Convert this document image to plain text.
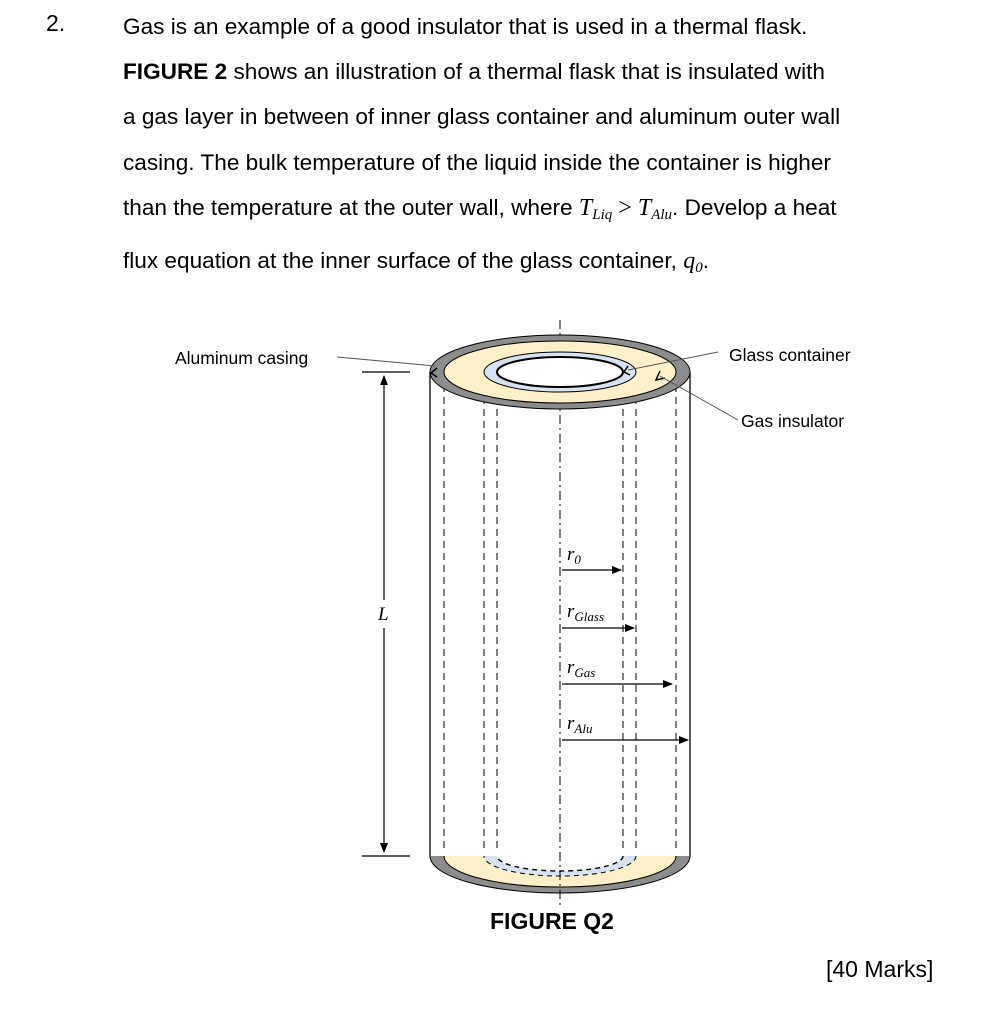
2.	Gas is an example of a good insulator that is used in a thermal flask.
FIGURE 2 shows an illustration of a thermal flask that is insulated with
a gas layer in between of inner glass container and aluminum outer wall
casing. The bulk temperature of the liquid inside the container is higher
than the temperature at the outer wall, where $T_{Liq} > T_{Alu}$. Develop a heat
flux equation at the inner surface of the glass container, $q_0$.
Aluminum casing	Glass container
Gas insulator
L
$r_0$
$r_{Glass}$
$r_{Gas}$
$r_{Alu}$
FIGURE Q2
[40 Marks]
